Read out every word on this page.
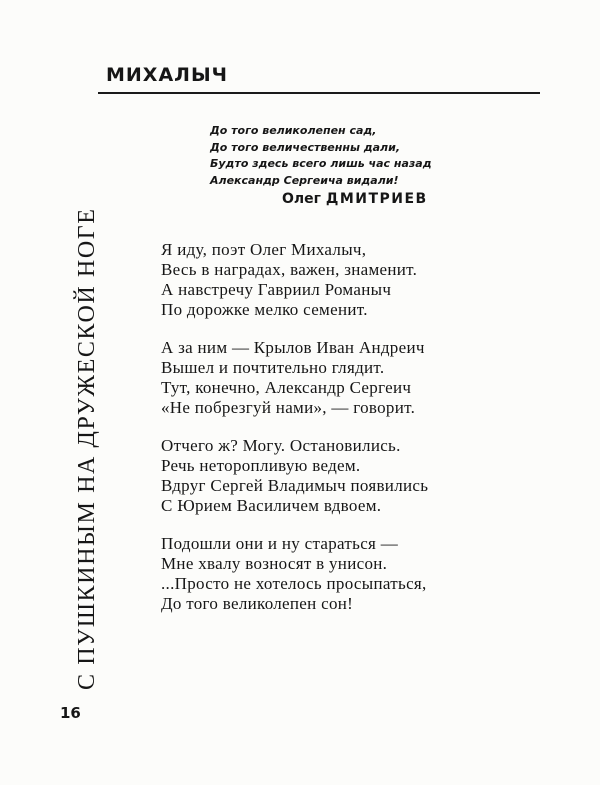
МИХАЛЫЧ
До того великолепен сад,
До того величественны дали,
Будто здесь всего лишь час назад
Александр Сергеича видали!
Олег ДМИТРИЕВ
Я иду, поэт Олег Михалыч,
Весь в наградах, важен, знаменит.
А навстречу Гавриил Романыч
По дорожке мелко семенит.
А за ним — Крылов Иван Андреич
Вышел и почтительно глядит.
Тут, конечно, Александр Сергеич
«Не побрезгуй нами», — говорит.
Отчего ж? Могу. Остановились.
Речь неторопливую ведем.
Вдруг Сергей Владимыч появились
С Юрием Василичем вдвоем.
Подошли они и ну стараться —
Мне хвалу возносят в унисон.
...Просто не хотелось просыпаться,
До того великолепен сон!
С ПУШКИНЫМ НА ДРУЖЕСКОЙ НОГЕ
16
